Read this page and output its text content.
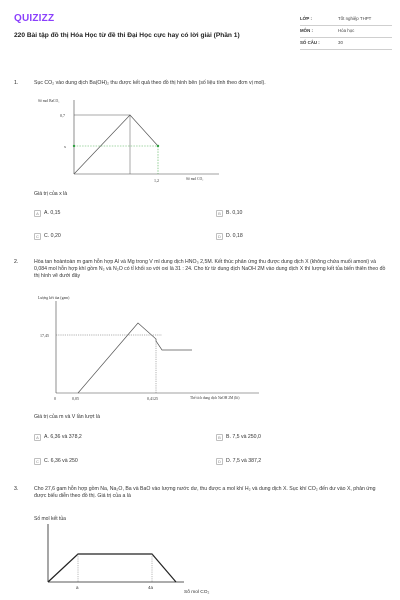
QUIZIZZ
220 Bài tập đồ thị Hóa Học từ đề thi Đại Học cực hay có lời giải (Phần 1)
LỚP :	Tốt nghiệp THPT
MÔN :	Hóa học
SỐ CÂU :	30
1.	Sục CO₂ vào dung dịch Ba(OH)₂ thu được kết quả theo đồ thị hình bên (số liệu tính theo đơn vị mol).
Số mol BaCO₃
Số mol CO₂
0,7
x
1,2
Giá trị của x là
A A. 0,15	B B. 0,10
C C. 0,20	D D. 0,18
2.	Hòa tan hoàntoàn m gam hỗn hợp Al và Mg trong V ml dung dịch HNO₃ 2,5M. Kết thúc phản ứng thu được dung dịch X (không chứa muối amoni) và 0,084 mol hỗn hợp khí gồm N₂ và N₂O có tỉ khối so với oxi là 31 : 24. Cho từ từ dung dịch NaOH 2M vào dung dịch X thì lượng kết tủa biến thiên theo đồ thị hình vẽ dưới đây
Lượng kết tủa (gam)
Thể tích dung dịch NaOH 2M (lít)
17,45
0	0,05	0,4125
Giá trị của m và V lần lượt là
A A. 6,36 và 378,2	B B. 7,5 và 250,0
C C. 6,36 và 250	D D. 7,5 và 387,2
3.	Cho 27,6 gam hỗn hợp gồm Na, Na₂O, Ba và BaO vào lượng nước dư, thu được a mol khí H₂ và dung dịch X. Sục khí CO₂ đến dư vào X, phản ứng được biểu diễn theo đồ thị. Giá trị của a là
Số mol kết tủa
a	4a
Số mol CO₂
